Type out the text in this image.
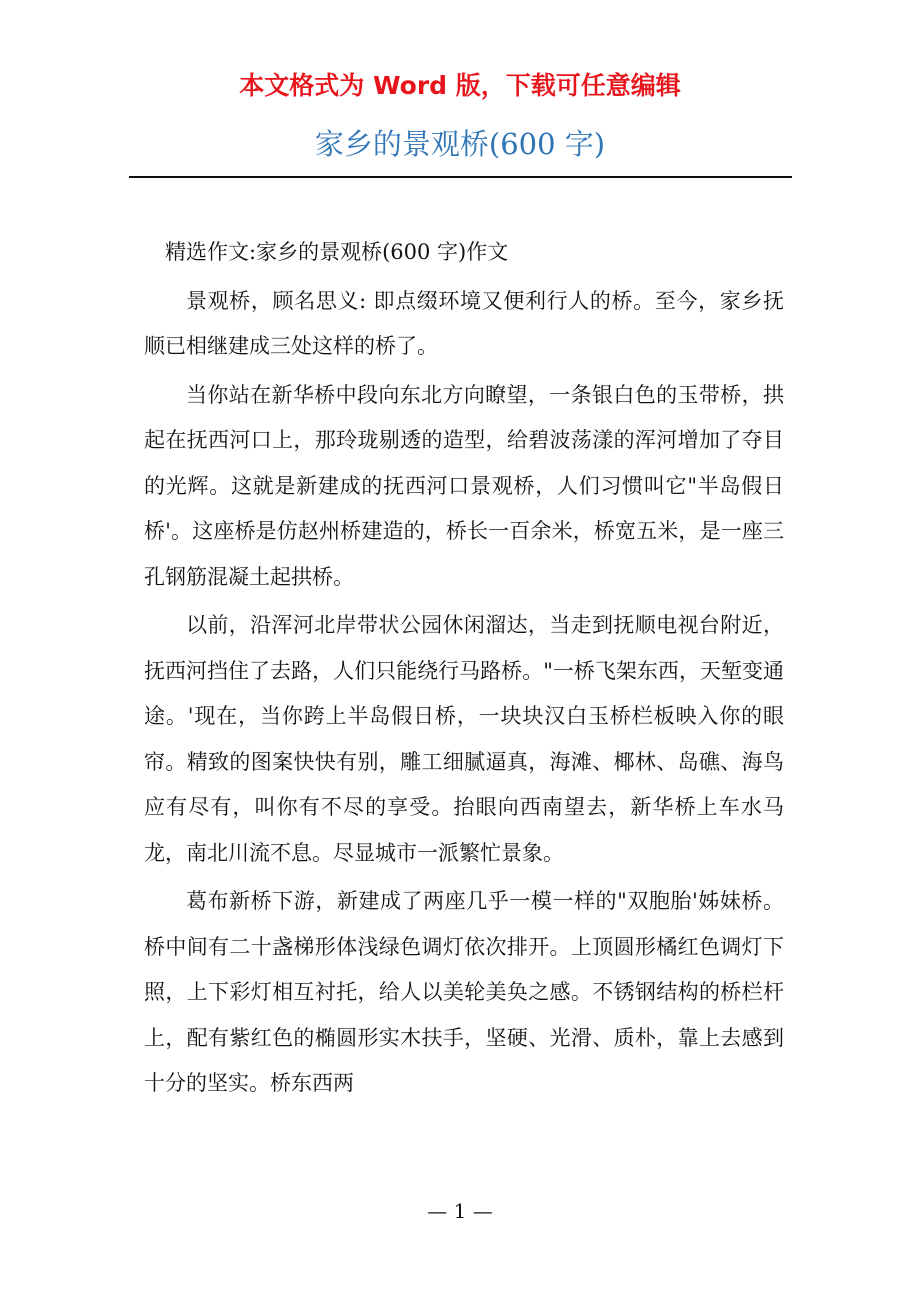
本文格式为 Word 版，下载可任意编辑
家乡的景观桥(600 字)

精选作文:家乡的景观桥(600 字)作文

景观桥，顾名思义: 即点缀环境又便利行人的桥。至今，家乡抚顺已相继建成三处这样的桥了。

当你站在新华桥中段向东北方向瞭望，一条银白色的玉带桥，拱起在抚西河口上，那玲珑剔透的造型，给碧波荡漾的浑河增加了夺目的光辉。这就是新建成的抚西河口景观桥，人们习惯叫它"半岛假日桥'。这座桥是仿赵州桥建造的，桥长一百余米，桥宽五米，是一座三孔钢筋混凝土起拱桥。

以前，沿浑河北岸带状公园休闲溜达，当走到抚顺电视台附近，抚西河挡住了去路，人们只能绕行马路桥。"一桥飞架东西，天堑变通途。'现在，当你跨上半岛假日桥，一块块汉白玉桥栏板映入你的眼帘。精致的图案快快有别，雕工细腻逼真，海滩、椰林、岛礁、海鸟应有尽有，叫你有不尽的享受。抬眼向西南望去，新华桥上车水马龙，南北川流不息。尽显城市一派繁忙景象。

葛布新桥下游，新建成了两座几乎一模一样的"双胞胎'姊妹桥。桥中间有二十盏梯形体浅绿色调灯依次排开。上顶圆形橘红色调灯下照，上下彩灯相互衬托，给人以美轮美奂之感。不锈钢结构的桥栏杆上，配有紫红色的椭圆形实木扶手，坚硬、光滑、质朴，靠上去感到十分的坚实。桥东西两

— 1 —
